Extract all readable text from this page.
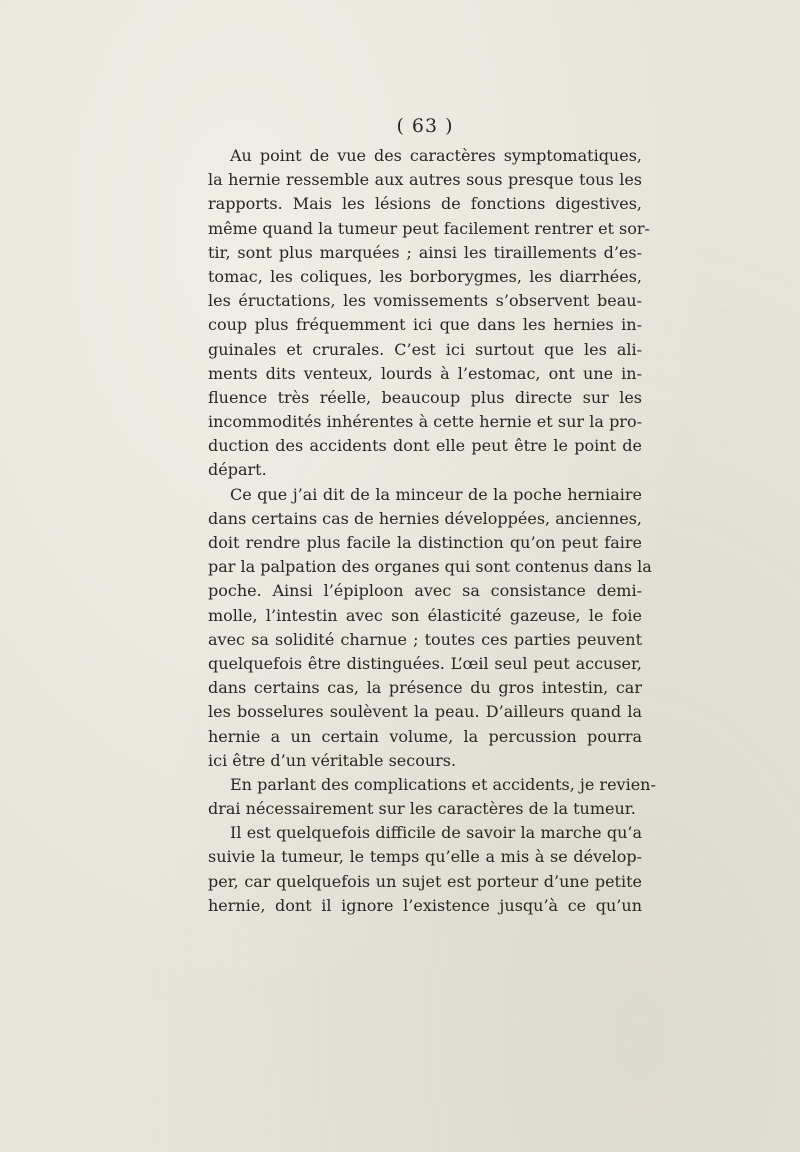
( 63 )
Au point de vue des caractères symptomatiques,
la hernie ressemble aux autres sous presque tous les
rapports. Mais les lésions de fonctions digestives,
même quand la tumeur peut facilement rentrer et sor-
tir, sont plus marquées ; ainsi les tiraillements d’es-
tomac, les coliques, les borborygmes, les diarrhées,
les éructations, les vomissements s’observent beau-
coup plus fréquemment ici que dans les hernies in-
guinales et crurales. C’est ici surtout que les ali-
ments dits venteux, lourds à l’estomac, ont une in-
fluence très réelle, beaucoup plus directe sur les
incommodités inhérentes à cette hernie et sur la pro-
duction des accidents dont elle peut être le point de
départ.
Ce que j’ai dit de la minceur de la poche herniaire
dans certains cas de hernies développées, anciennes,
doit rendre plus facile la distinction qu’on peut faire
par la palpation des organes qui sont contenus dans la
poche. Ainsi l’épiploon avec sa consistance demi-
molle, l’intestin avec son élasticité gazeuse, le foie
avec sa solidité charnue ; toutes ces parties peuvent
quelquefois être distinguées. L’œil seul peut accuser,
dans certains cas, la présence du gros intestin, car
les bosselures soulèvent la peau. D’ailleurs quand la
hernie a un certain volume, la percussion pourra
ici être d’un véritable secours.
En parlant des complications et accidents, je revien-
drai nécessairement sur les caractères de la tumeur.
Il est quelquefois difficile de savoir la marche qu’a
suivie la tumeur, le temps qu’elle a mis à se dévelop-
per, car quelquefois un sujet est porteur d’une petite
hernie, dont il ignore l’existence jusqu’à ce qu’un
